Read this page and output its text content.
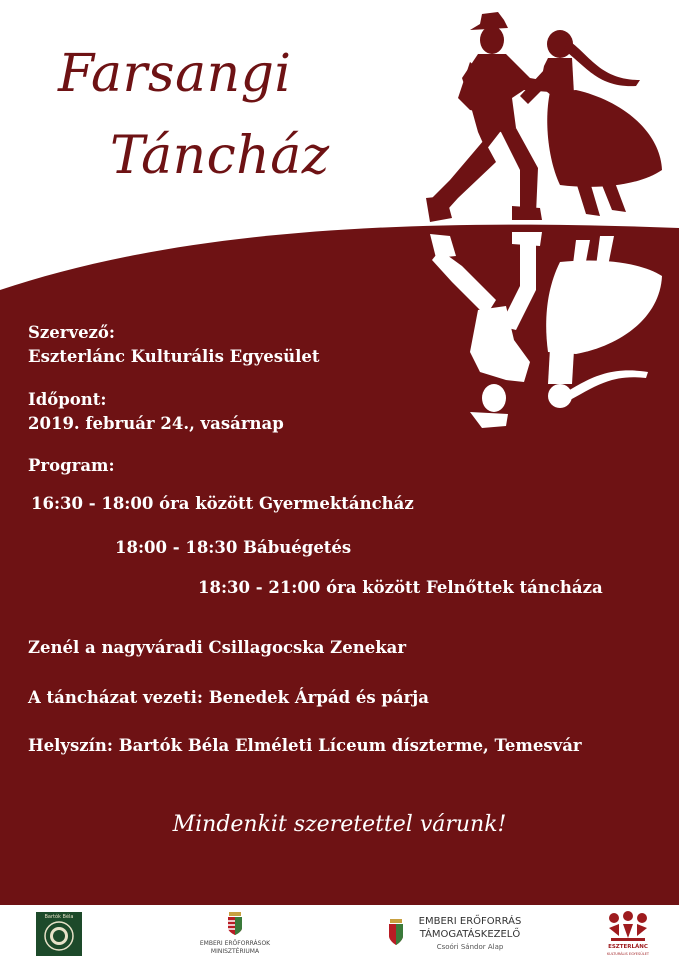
Farsangi
Táncház
Szervező:
Eszterlánc Kulturális Egyesület
Időpont:
2019. február 24., vasárnap
Program:
16:30 - 18:00 óra között Gyermektáncház
18:00 - 18:30 Bábuégetés
18:30 - 21:00 óra között Felnőttek táncháza
Zenél a nagyváradi Csillagocska Zenekar
A táncházat vezeti: Benedek Árpád és párja
Helyszín: Bartók Béla Elméleti Líceum díszterme, Temesvár
Mindenkit szeretettel várunk!
Bartók Béla
EMBERI ERŐFORRÁSOK
MINISZTÉRIUMA
EMBERI ERŐFORRÁS
TÁMOGATÁSKEZELŐ
Csoóri Sándor Alap	ESZTERLÁNC
KULTURÁLIS EGYESÜLET
